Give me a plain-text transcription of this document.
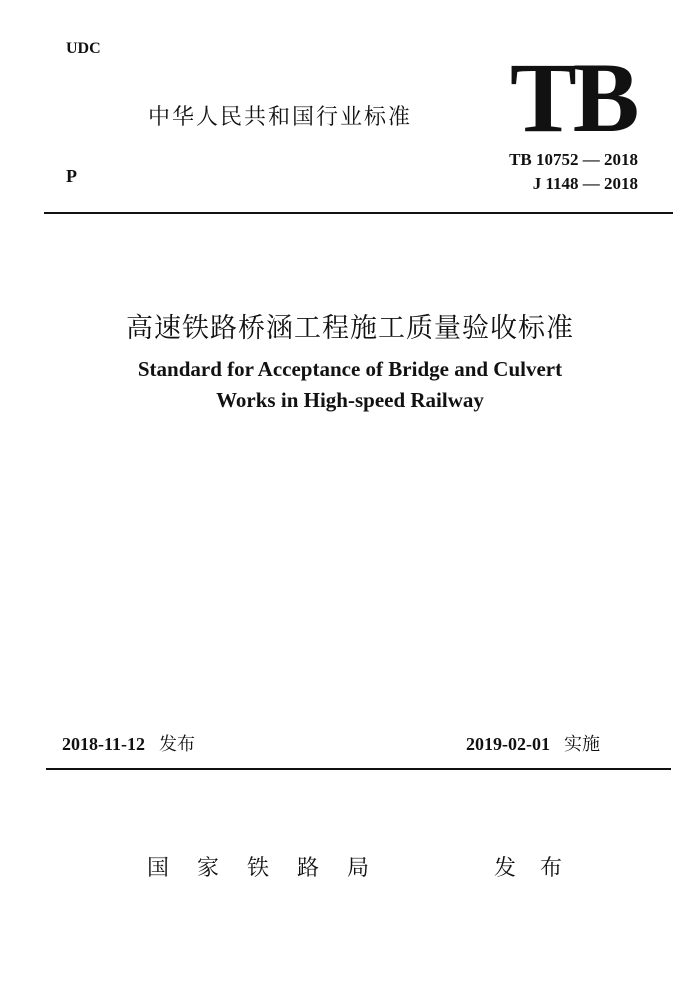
UDC
P
TB
中华人民共和国行业标准
TB 10752 — 2018
J 1148 — 2018
高速铁路桥涵工程施工质量验收标准
Standard for Acceptance of Bridge and Culvert
Works in High-speed Railway
2018-11-12 发布	2019-02-01 实施
国家铁路局	发布
